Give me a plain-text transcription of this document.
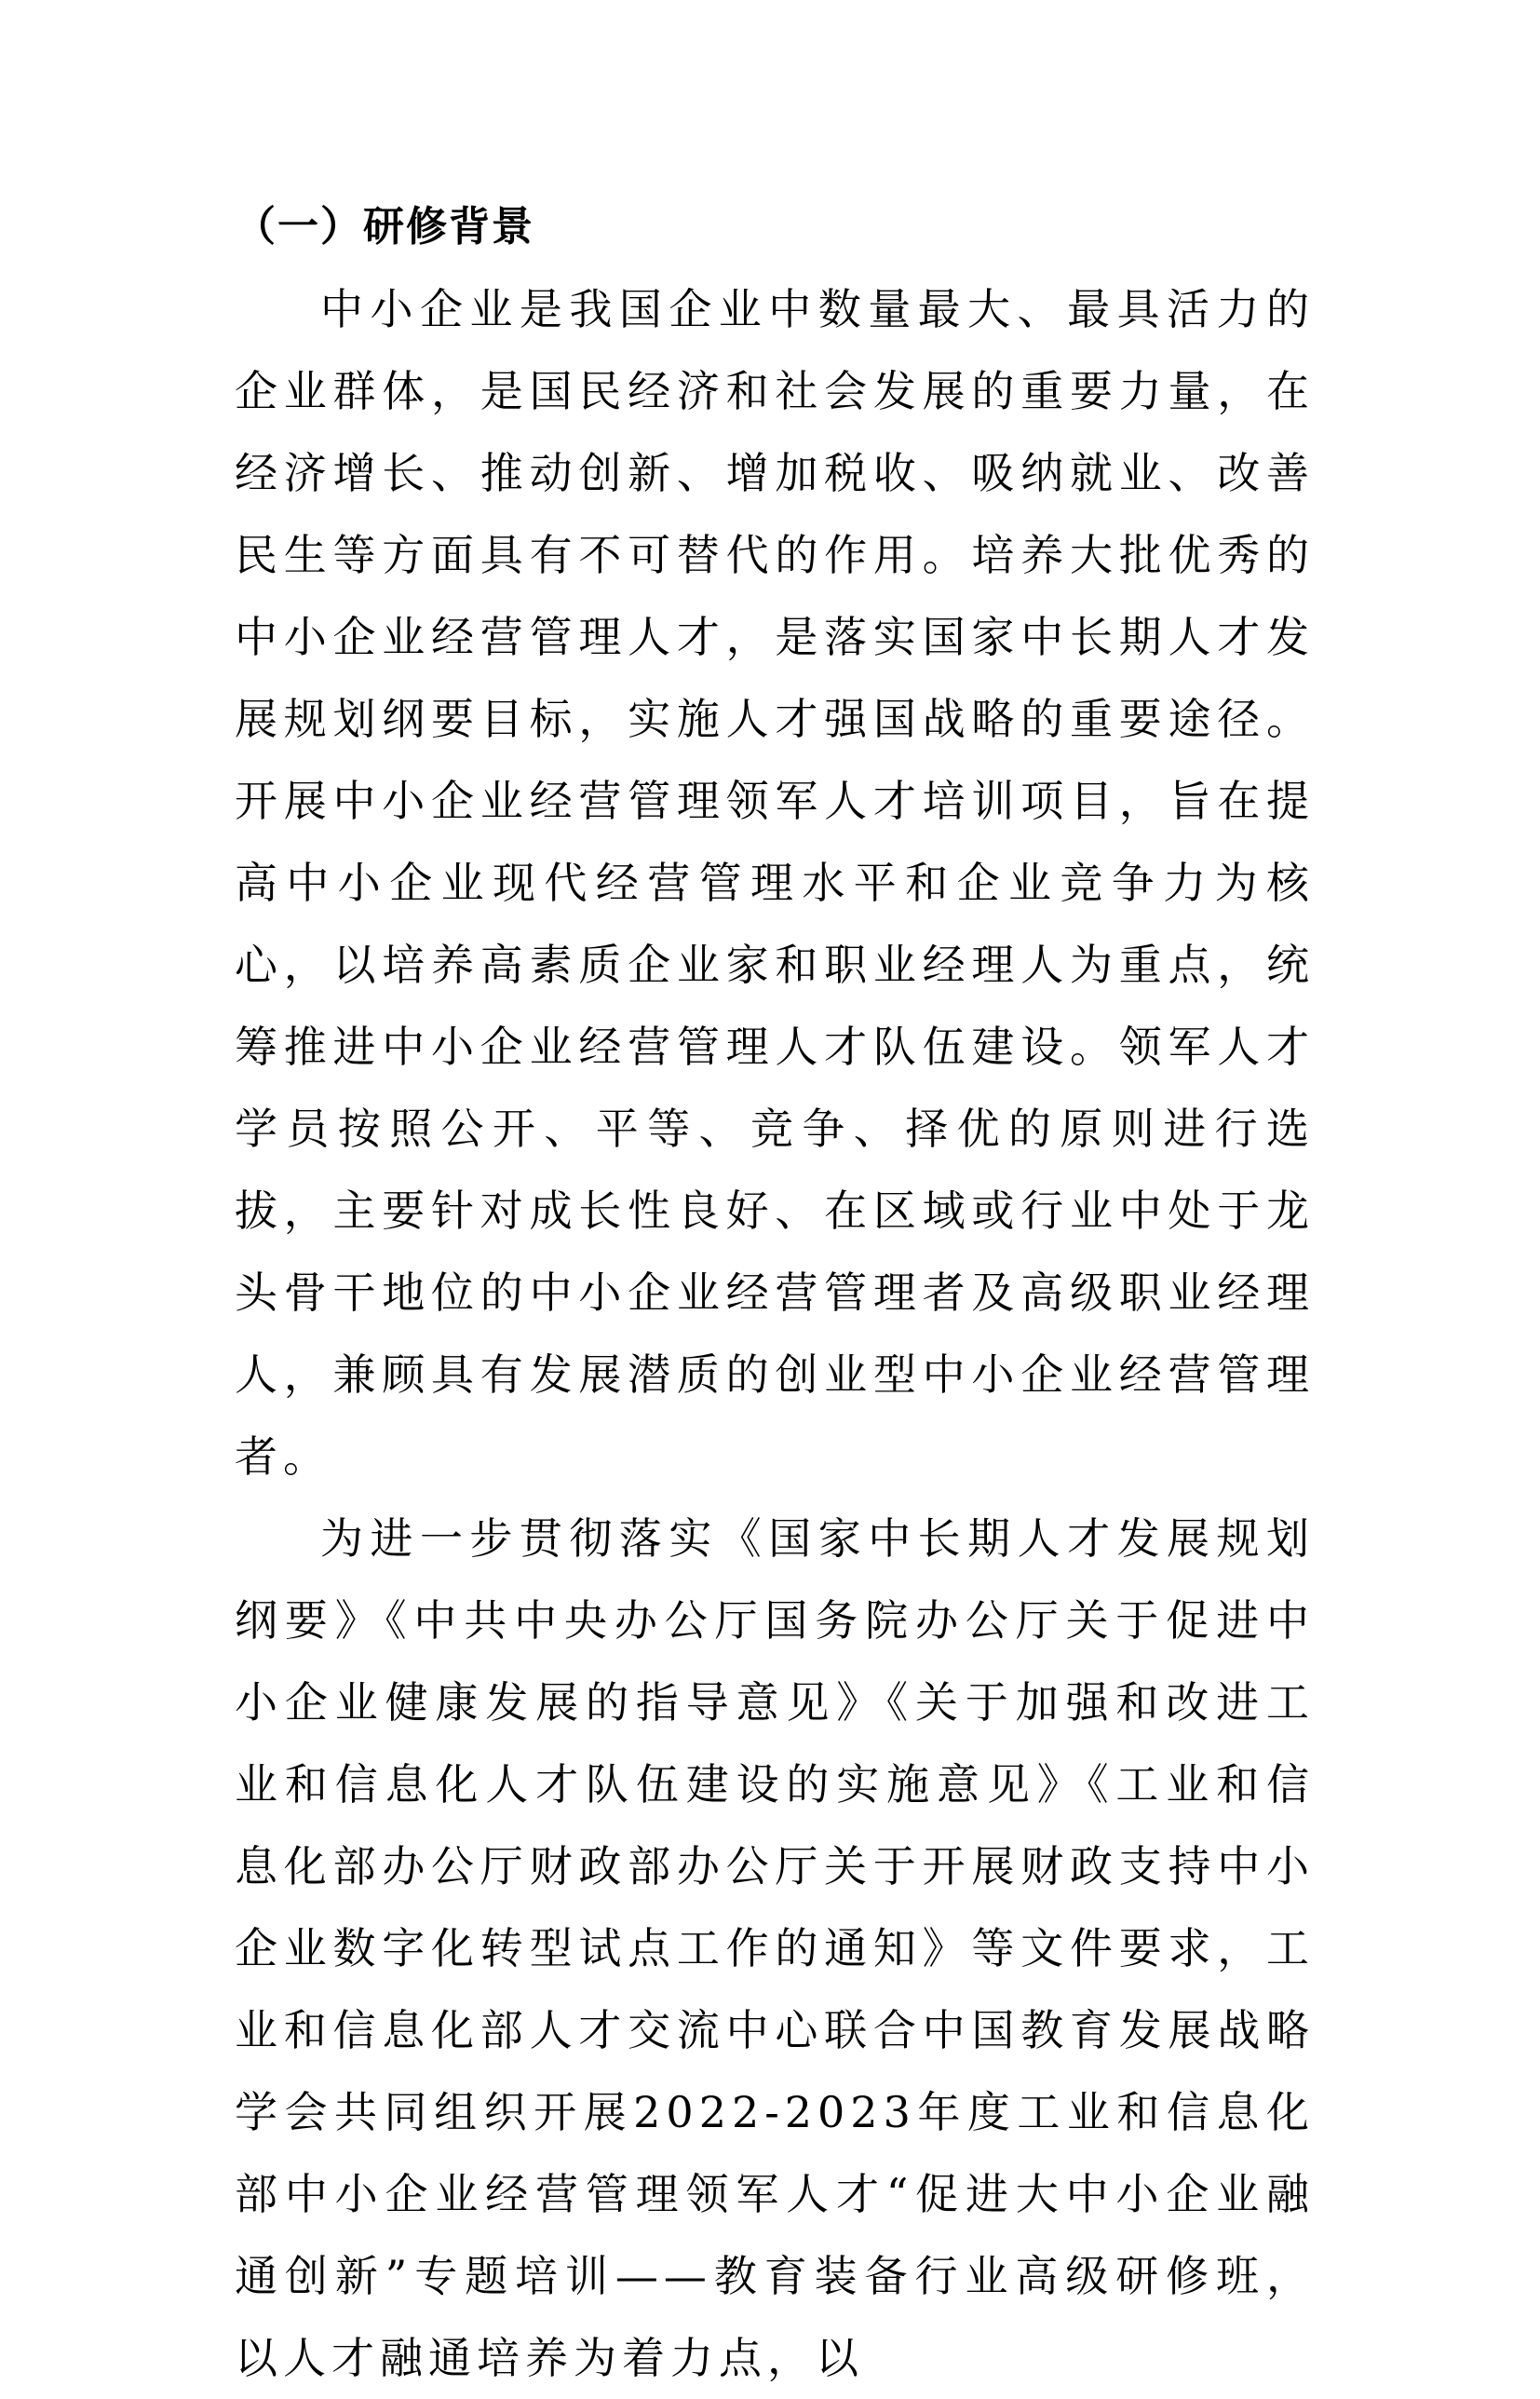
（一）研修背景

中小企业是我国企业中数量最大、最具活力的企业群体，是国民经济和社会发展的重要力量，在经济增长、推动创新、增加税收、吸纳就业、改善民生等方面具有不可替代的作用。培养大批优秀的中小企业经营管理人才，是落实国家中长期人才发展规划纲要目标，实施人才强国战略的重要途径。开展中小企业经营管理领军人才培训项目，旨在提高中小企业现代经营管理水平和企业竞争力为核心，以培养高素质企业家和职业经理人为重点，统筹推进中小企业经营管理人才队伍建设。领军人才学员按照公开、平等、竞争、择优的原则进行选拔，主要针对成长性良好、在区域或行业中处于龙头骨干地位的中小企业经营管理者及高级职业经理人，兼顾具有发展潜质的创业型中小企业经营管理者。

为进一步贯彻落实《国家中长期人才发展规划纲要》《中共中央办公厅国务院办公厅关于促进中小企业健康发展的指导意见》《关于加强和改进工业和信息化人才队伍建设的实施意见》《工业和信息化部办公厅财政部办公厅关于开展财政支持中小企业数字化转型试点工作的通知》等文件要求，工业和信息化部人才交流中心联合中国教育发展战略学会共同组织开展2022-2023年度工业和信息化部中小企业经营管理领军人才“促进大中小企业融通创新”专题培训——教育装备行业高级研修班， 以人才融通培养为着力点，以
